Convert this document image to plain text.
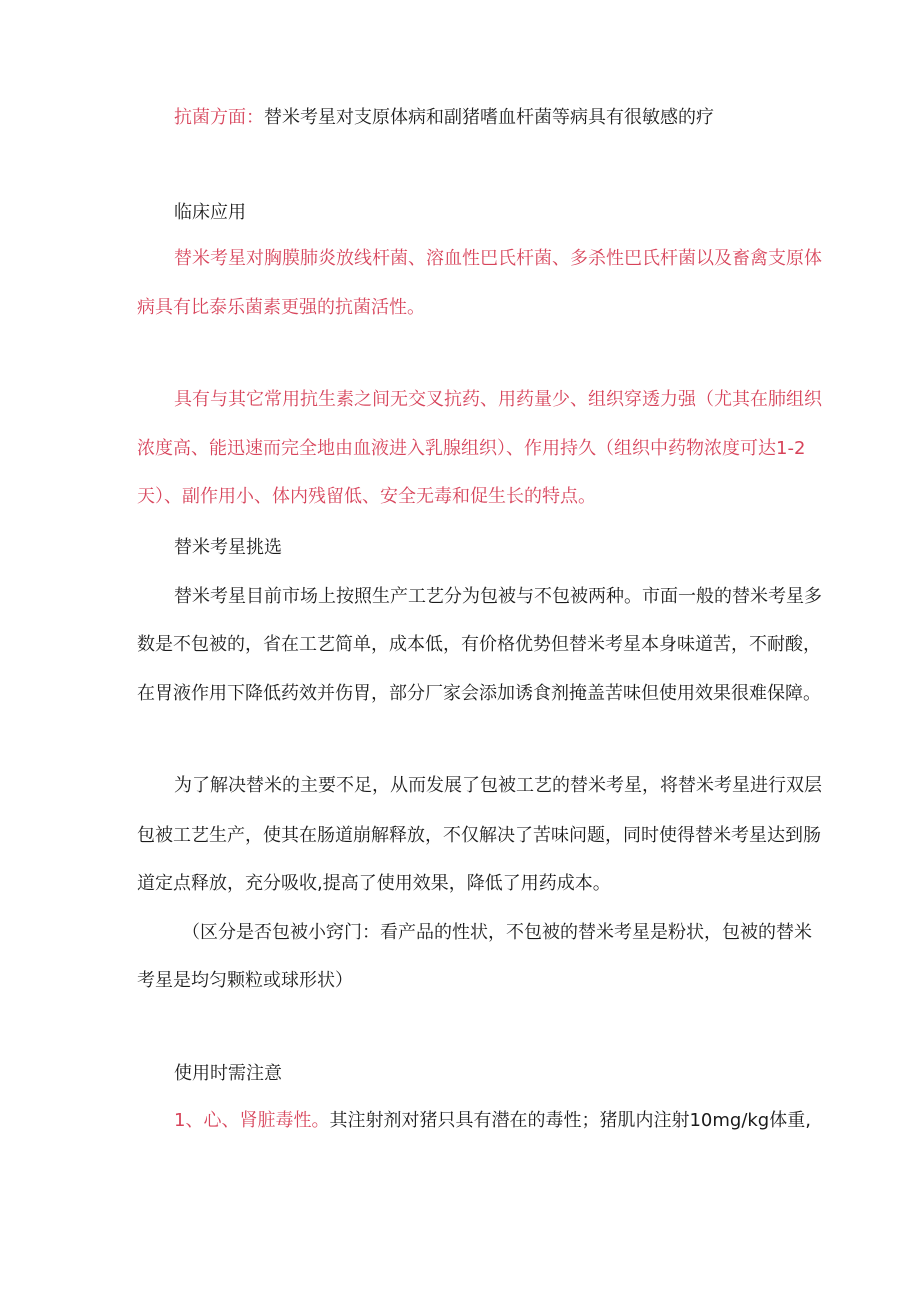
抗菌方面：替米考星对支原体病和副猪嗜血杆菌等病具有很敏感的疗
临床应用
替米考星对胸膜肺炎放线杆菌、溶血性巴氏杆菌、多杀性巴氏杆菌以及畜禽支原体
病具有比泰乐菌素更强的抗菌活性。
具有与其它常用抗生素之间无交叉抗药、用药量少、组织穿透力强（尤其在肺组织
浓度高、能迅速而完全地由血液进入乳腺组织）、作用持久（组织中药物浓度可达1-2
天）、副作用小、体内残留低、安全无毒和促生长的特点。
替米考星挑选
替米考星目前市场上按照生产工艺分为包被与不包被两种。市面一般的替米考星多
数是不包被的，省在工艺简单，成本低，有价格优势但替米考星本身味道苦，不耐酸，
在胃液作用下降低药效并伤胃，部分厂家会添加诱食剂掩盖苦味但使用效果很难保障。
为了解决替米的主要不足，从而发展了包被工艺的替米考星，将替米考星进行双层
包被工艺生产，使其在肠道崩解释放，不仅解决了苦味问题，同时使得替米考星达到肠
道定点释放，充分吸收,提高了使用效果，降低了用药成本。
（区分是否包被小窍门：看产品的性状，不包被的替米考星是粉状，包被的替米
考星是均匀颗粒或球形状）
使用时需注意
1、心、肾脏毒性。其注射剂对猪只具有潜在的毒性；猪肌内注射10mg/kg体重,
